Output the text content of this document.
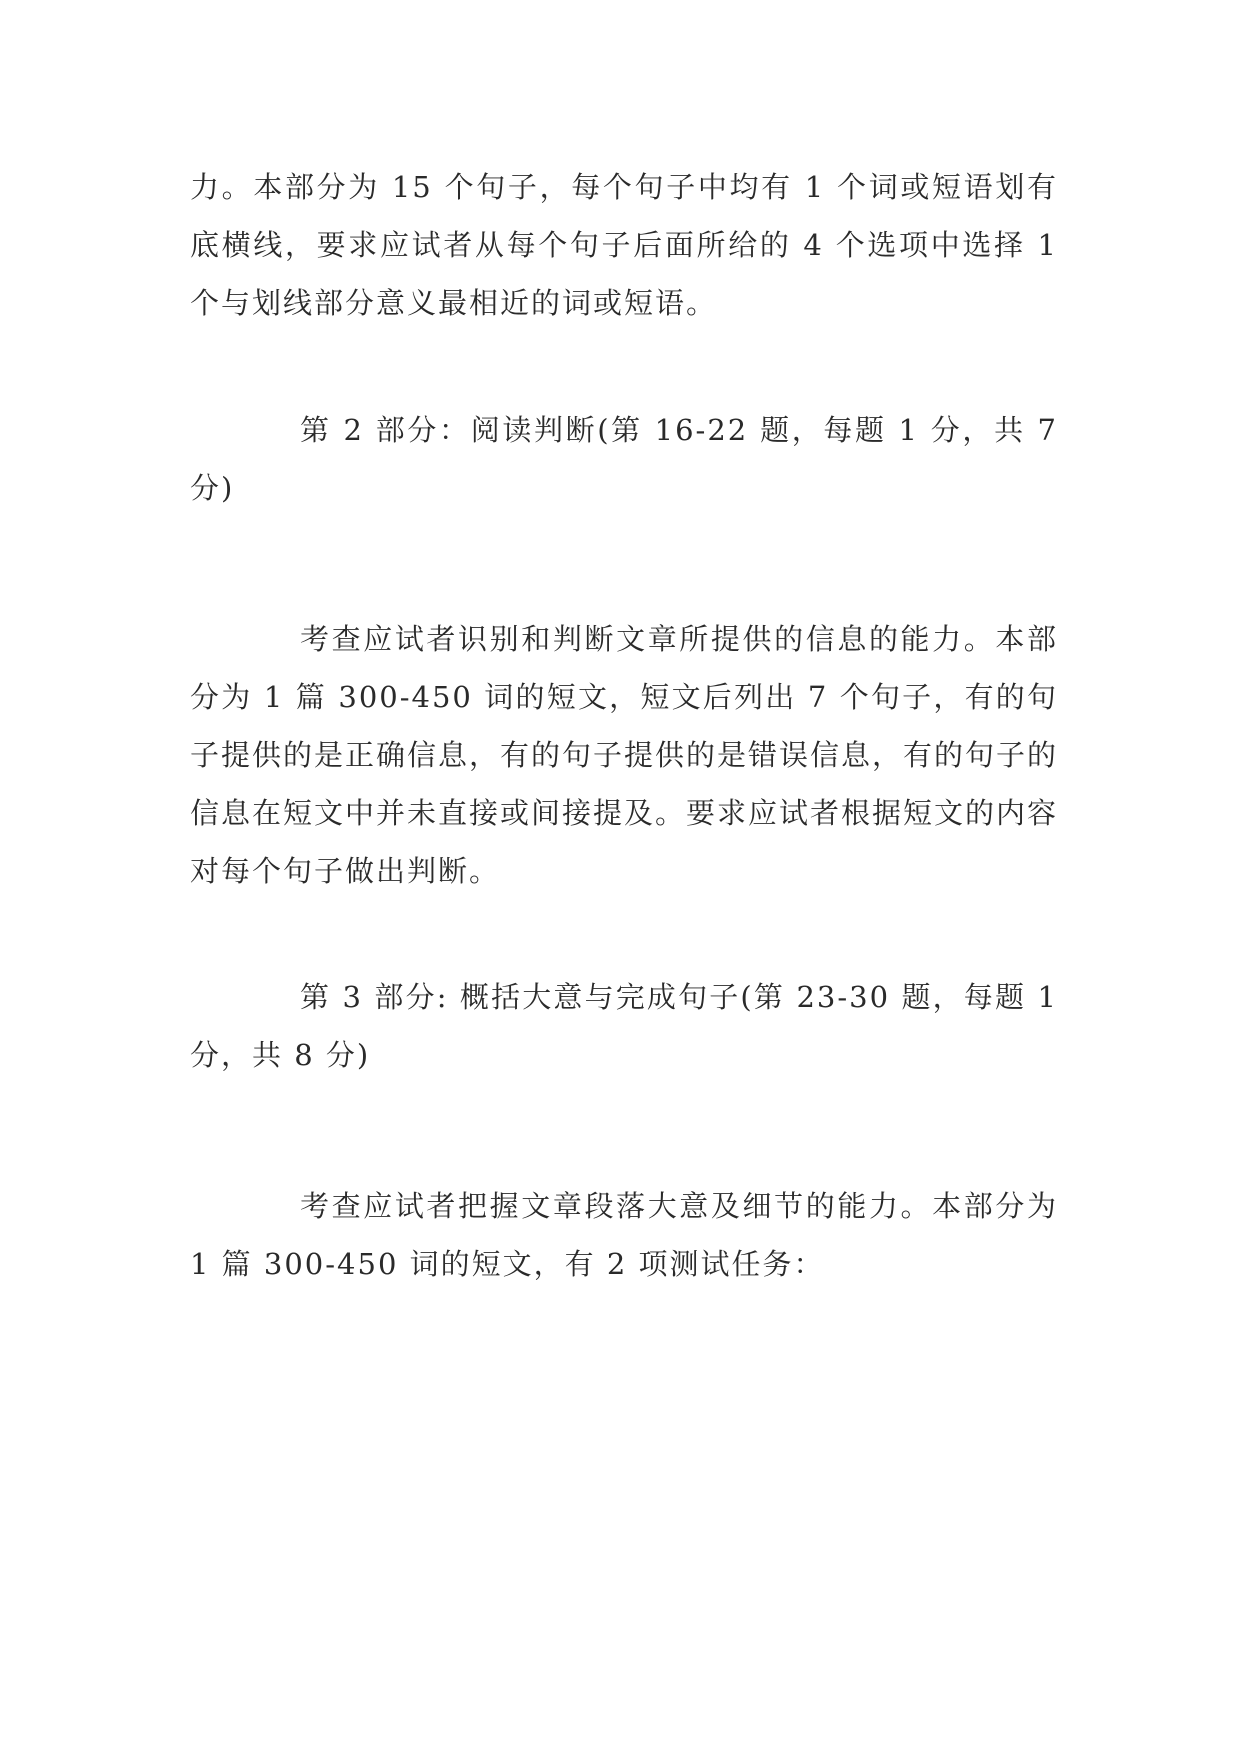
力。本部分为 15 个句子，每个句子中均有 1 个词或短语划有底横线，要求应试者从每个句子后面所给的 4 个选项中选择 1 个与划线部分意义最相近的词或短语。

第 2 部分：阅读判断(第 16-22 题，每题 1 分，共 7 分)

考查应试者识别和判断文章所提供的信息的能力。本部分为 1 篇 300-450 词的短文，短文后列出 7 个句子，有的句子提供的是正确信息，有的句子提供的是错误信息，有的句子的信息在短文中并未直接或间接提及。要求应试者根据短文的内容对每个句子做出判断。

第 3 部分: 概括大意与完成句子(第 23-30 题，每题 1 分，共 8 分)

考查应试者把握文章段落大意及细节的能力。本部分为 1 篇 300-450 词的短文，有 2 项测试任务：
